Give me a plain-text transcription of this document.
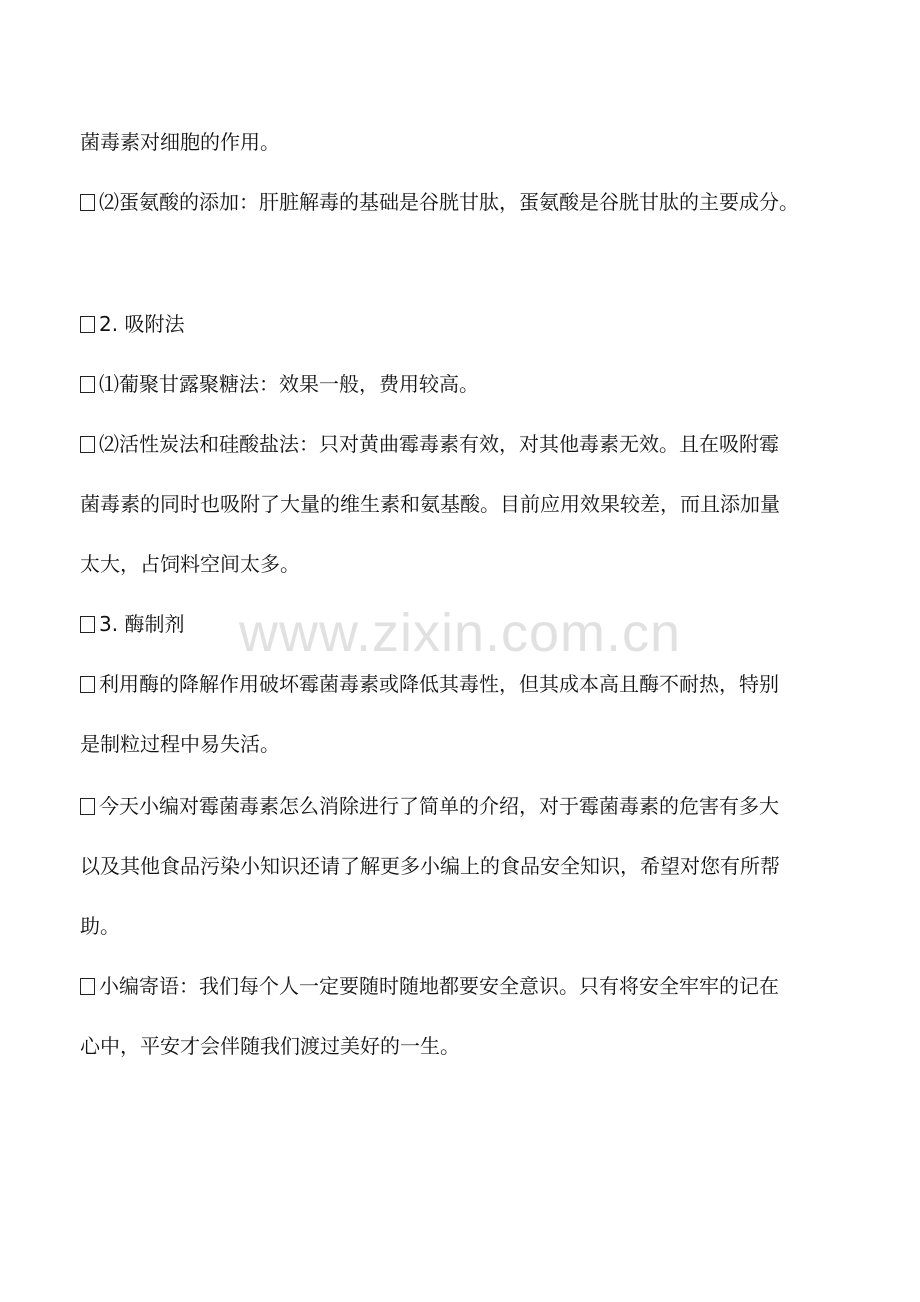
菌毒素对细胞的作用。
⑵蛋氨酸的添加：肝脏解毒的基础是谷胱甘肽，蛋氨酸是谷胱甘肽的主要成分。
2. 吸附法
⑴葡聚甘露聚糖法：效果一般，费用较高。
⑵活性炭法和硅酸盐法：只对黄曲霉毒素有效，对其他毒素无效。且在吸附霉
菌毒素的同时也吸附了大量的维生素和氨基酸。目前应用效果较差，而且添加量
太大，占饲料空间太多。
3. 酶制剂
利用酶的降解作用破坏霉菌毒素或降低其毒性，但其成本高且酶不耐热，特别
是制粒过程中易失活。
今天小编对霉菌毒素怎么消除进行了简单的介绍，对于霉菌毒素的危害有多大
以及其他食品污染小知识还请了解更多小编上的食品安全知识，希望对您有所帮
助。
小编寄语：我们每个人一定要随时随地都要安全意识。只有将安全牢牢的记在
心中，平安才会伴随我们渡过美好的一生。
www.zixin.com.cn
